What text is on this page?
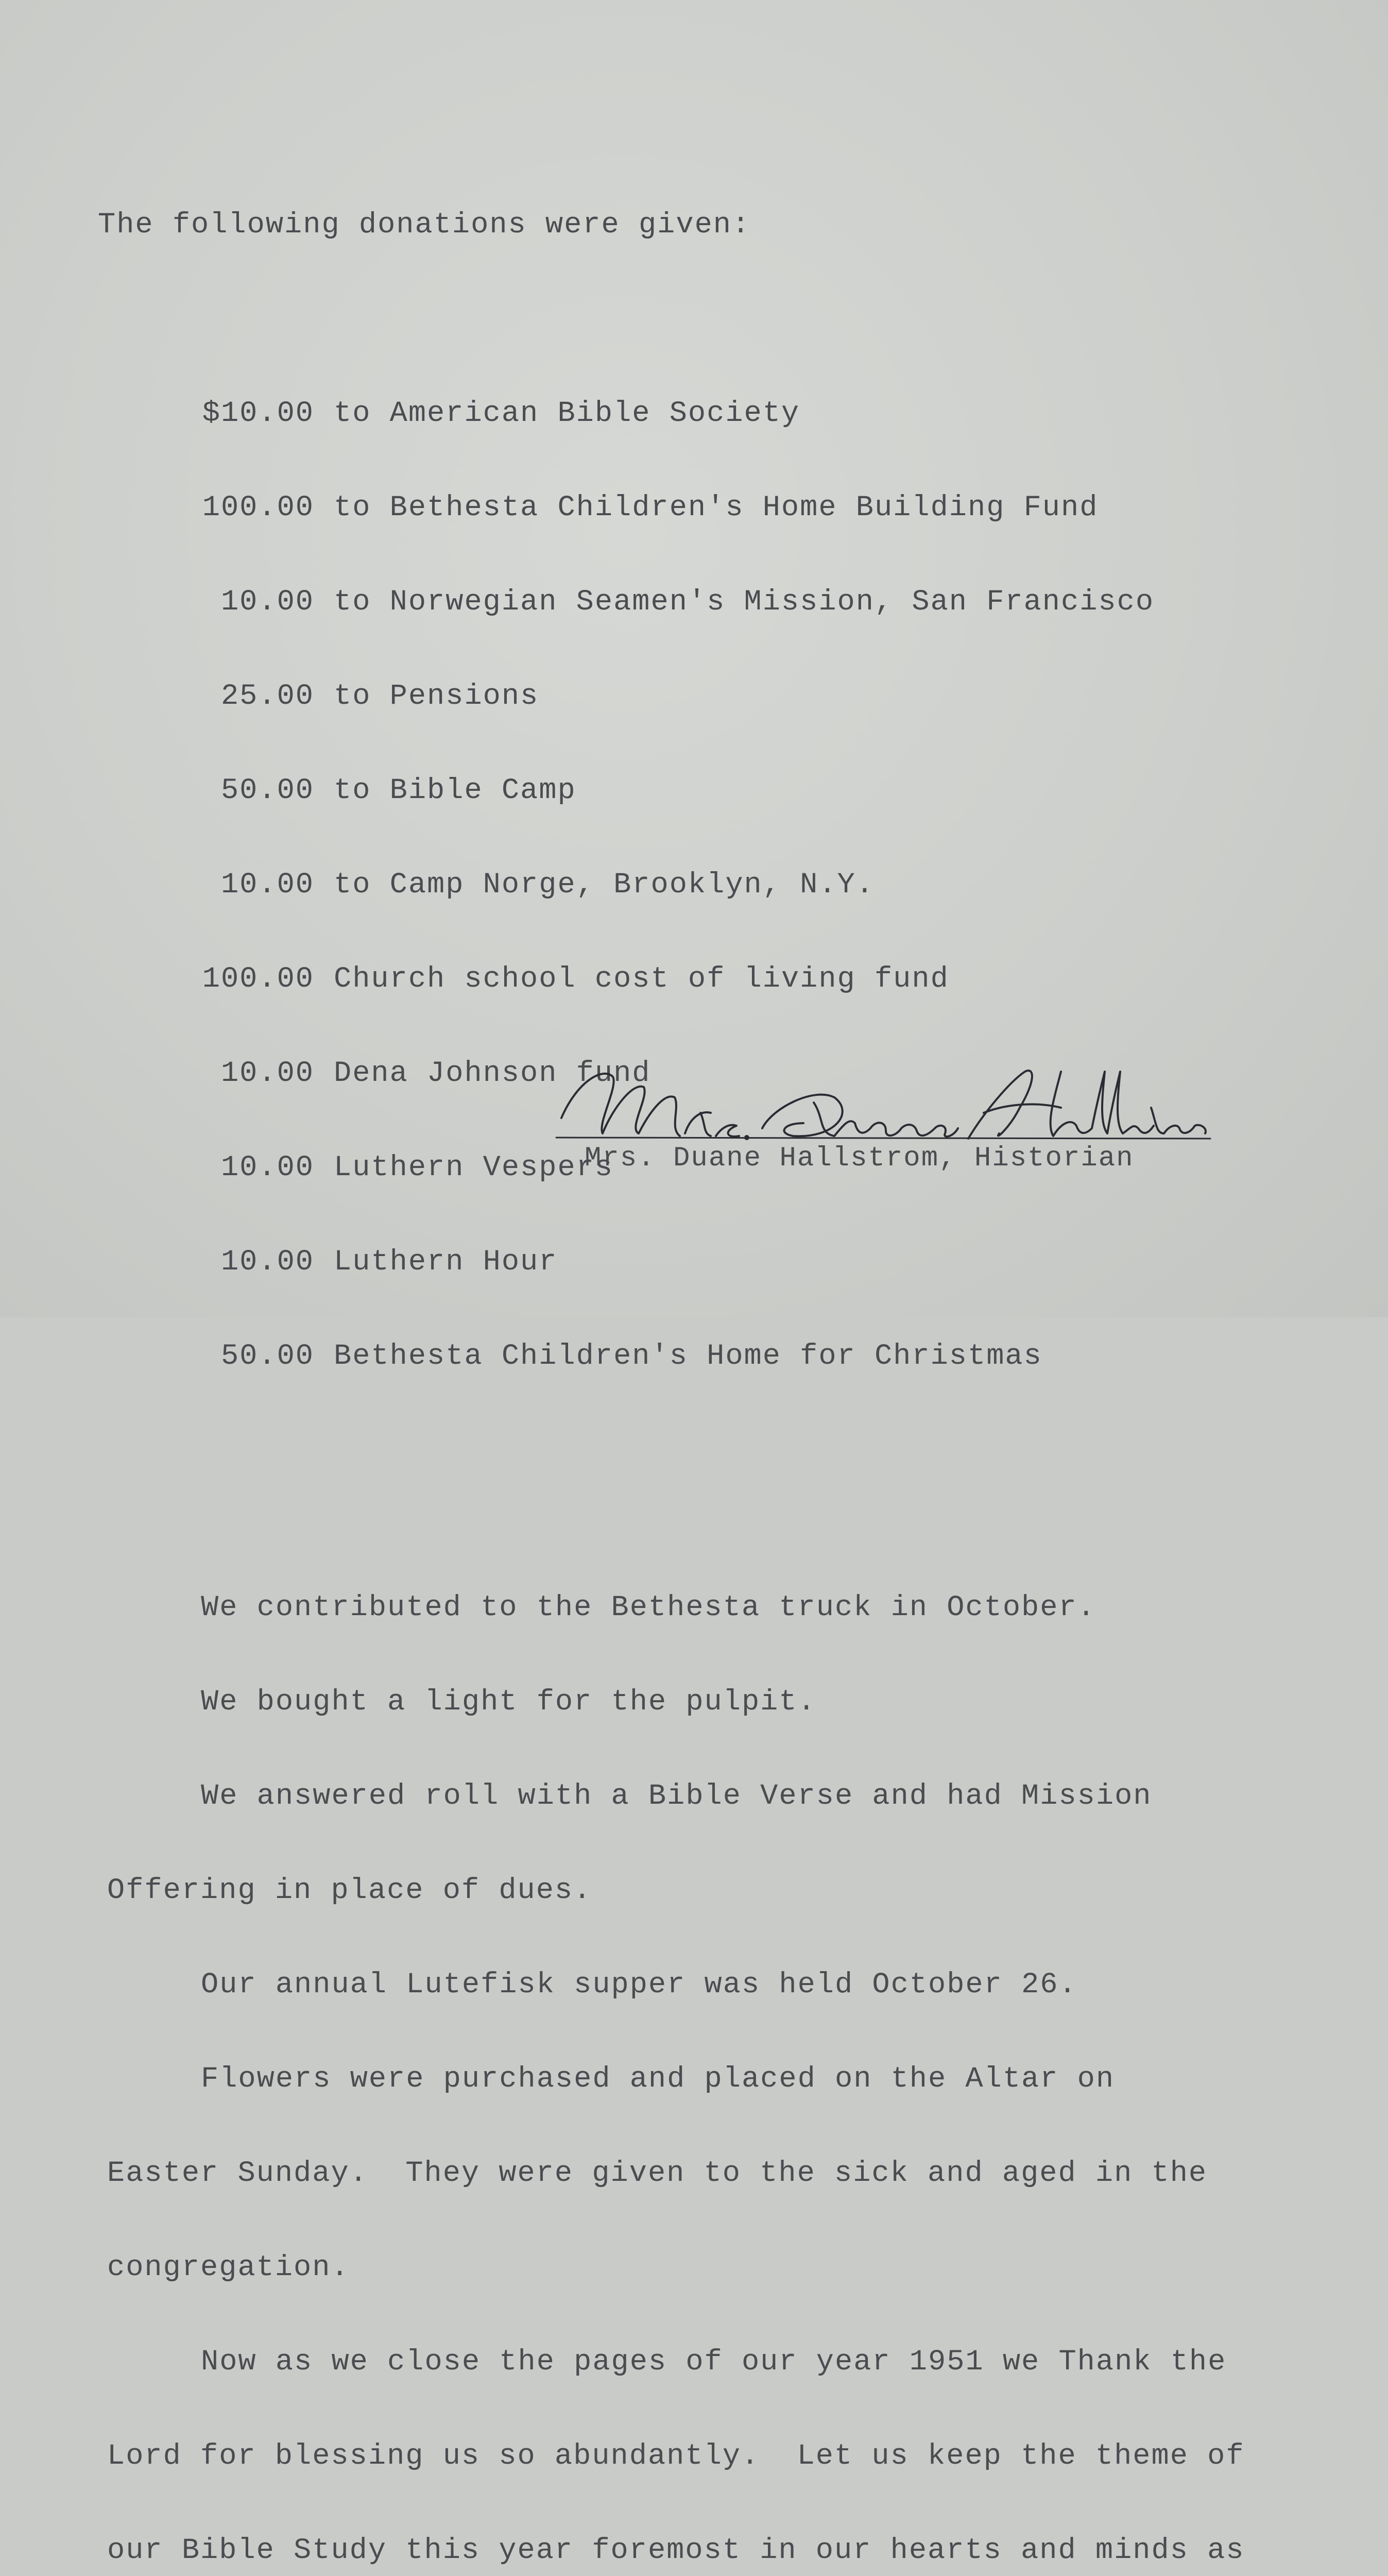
The following donations were given:

$10.00 to American Bible Society

100.00 to Bethesta Children's Home Building Fund

10.00 to Norwegian Seamen's Mission, San Francisco

25.00 to Pensions

50.00 to Bible Camp

10.00 to Camp Norge, Brooklyn, N.Y.

100.00 Church school cost of living fund

10.00 Dena Johnson fund

10.00 Luthern Vespers

10.00 Luthern Hour

50.00 Bethesta Children's Home for Christmas

We contributed to the Bethesta truck in October.

We bought a light for the pulpit.

We answered roll with a Bible Verse and had Mission

Offering in place of dues.

Our annual Lutefisk supper was held October 26.

Flowers were purchased and placed on the Altar on

Easter Sunday.  They were given to the sick and aged in the

congregation.

Now as we close the pages of our year 1951 we Thank the

Lord for blessing us so abundantly.  Let us keep the theme of

our Bible Study this year foremost in our hearts and minds as

Mrs. Duane Hallstrom, Historian
